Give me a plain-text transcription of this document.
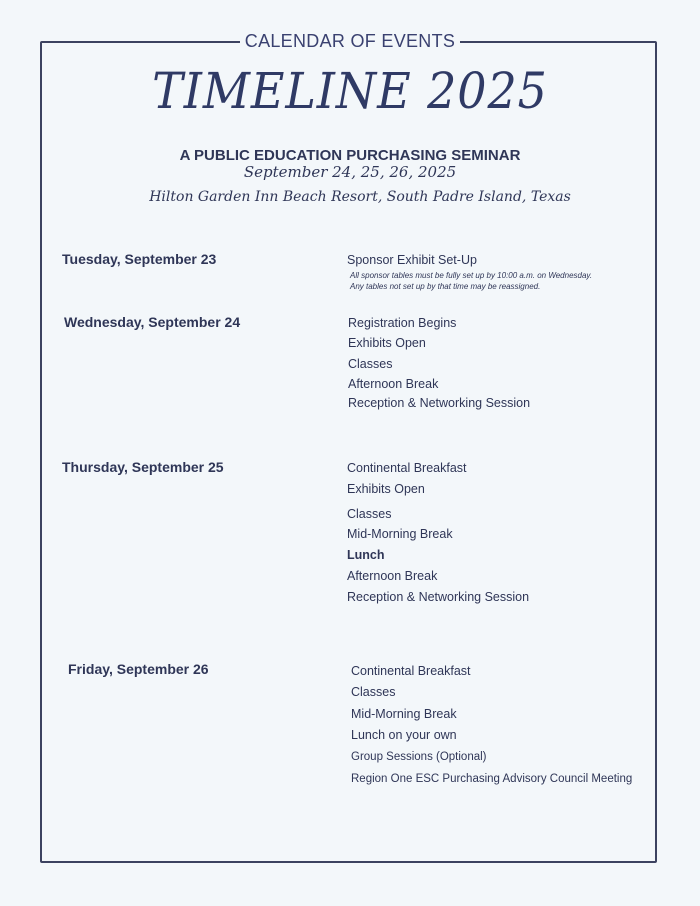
CALENDAR OF EVENTS
TIMELINE 2025
A PUBLIC EDUCATION PURCHASING SEMINAR
September 24, 25, 26, 2025
Hilton Garden Inn Beach Resort, South Padre Island, Texas
Tuesday, September 23	Sponsor Exhibit Set-Up
All sponsor tables must be fully set up by 10:00 a.m. on Wednesday.
Any tables not set up by that time may be reassigned.
Wednesday, September 24	Registration Begins
Exhibits Open
Classes
Afternoon Break
Reception & Networking Session
Thursday, September 25	Continental Breakfast
Exhibits Open
Classes
Mid-Morning Break
Lunch
Afternoon Break
Reception & Networking Session
Friday, September 26	Continental Breakfast
Classes
Mid-Morning Break
Lunch on your own
Group Sessions (Optional)
Region One ESC Purchasing Advisory Council Meeting
